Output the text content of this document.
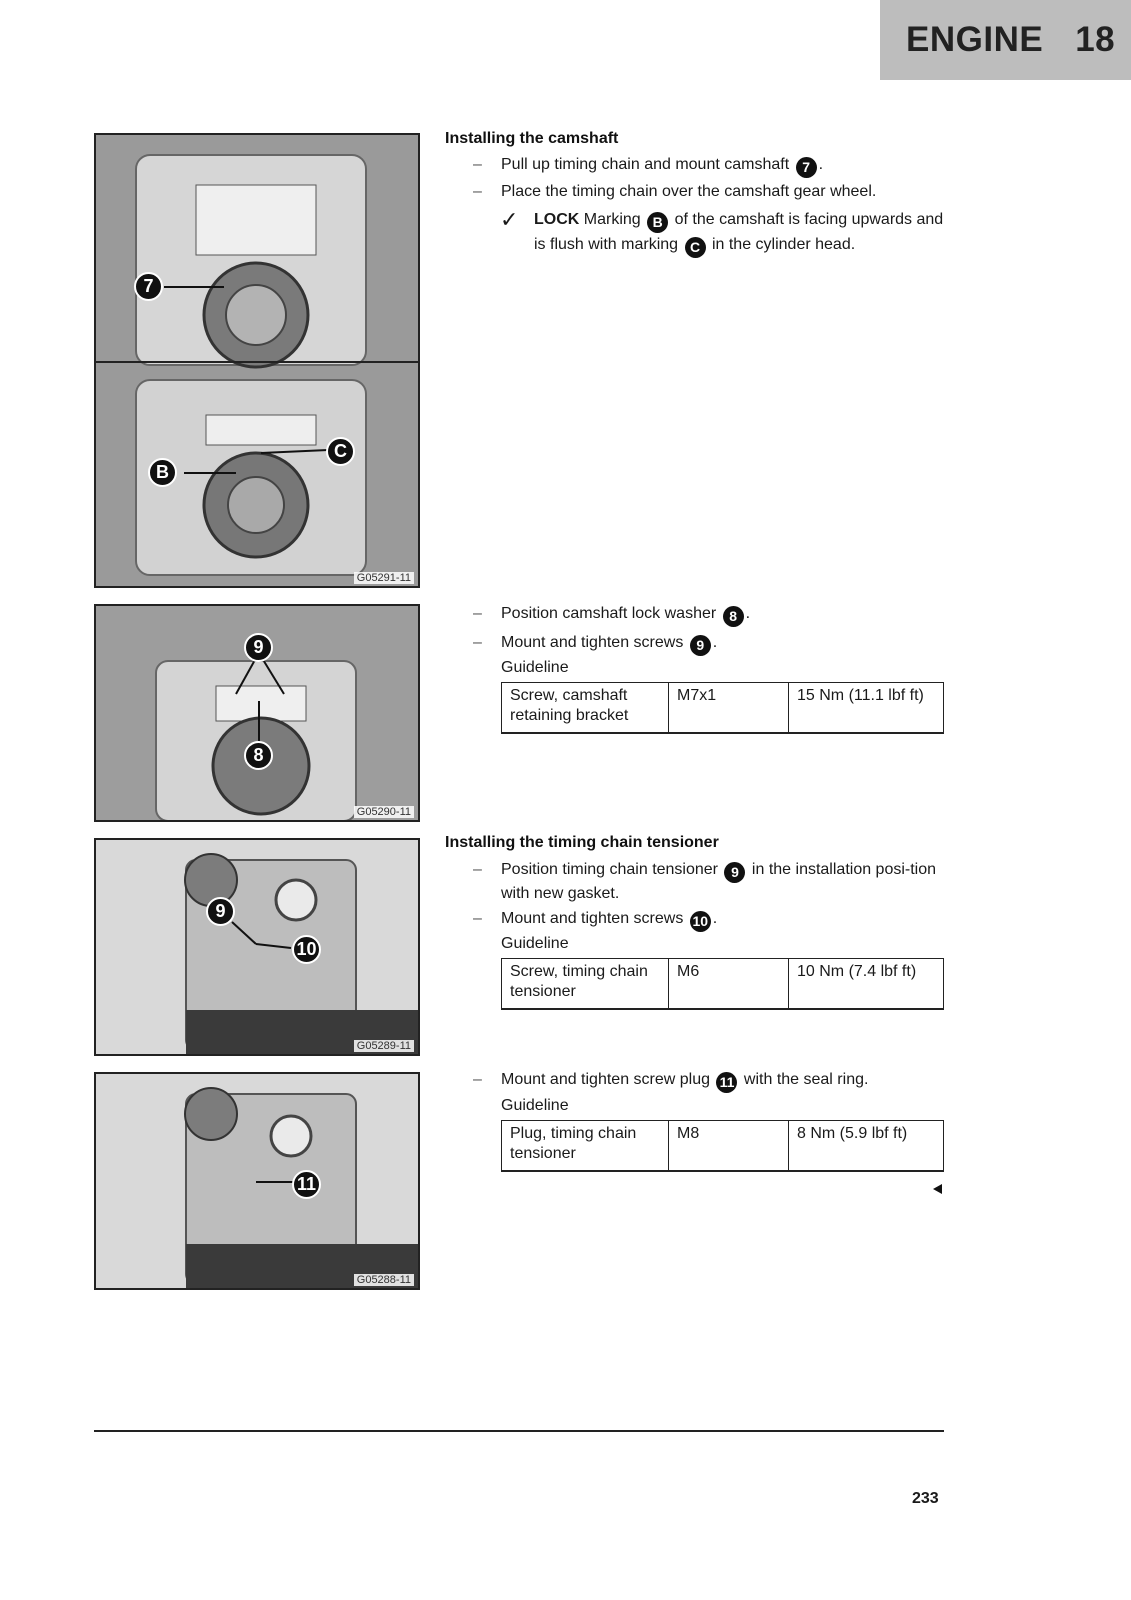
ENGINE 18
7
B
C
G05291-11
9
8
G05290-11
9
10
G05289-11
11
G05288-11
Installing the camshaft
– Pull up timing chain and mount camshaft 7 .
– Place the timing chain over the camshaft gear wheel.
✓ LOCK Marking B of the camshaft is facing upwards and is flush with marking C in the cylinder head.
– Position camshaft lock washer 8 .
– Mount and tighten screws 9 .
Guideline
Screw, camshaft retaining bracket	M7x1	15 Nm (11.1 lbf ft)
Installing the timing chain tensioner
– Position timing chain tensioner 9 in the installation posi-tion with new gasket.
– Mount and tighten screws 10 .
Guideline
Screw, timing chain tensioner	M6	10 Nm (7.4 lbf ft)
– Mount and tighten screw plug 11 with the seal ring.
Guideline
Plug, timing chain tensioner	M8	8 Nm (5.9 lbf ft)
233
